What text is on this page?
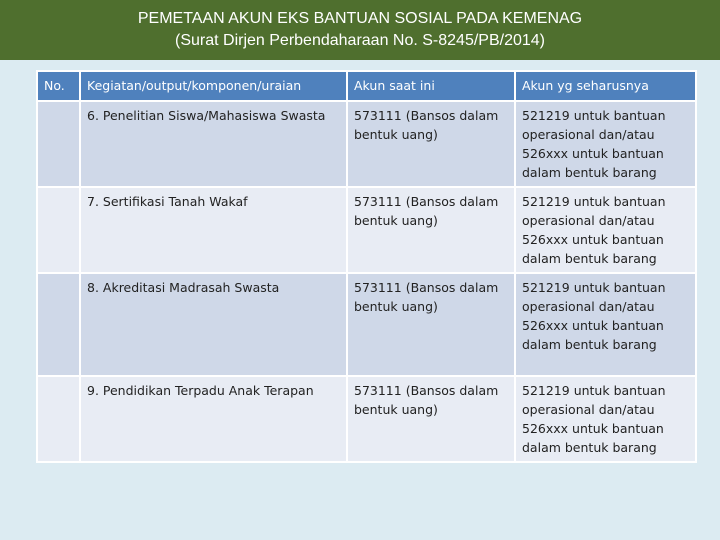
PEMETAAN AKUN EKS BANTUAN SOSIAL PADA KEMENAG
(Surat Dirjen Perbendaharaan No. S-8245/PB/2014)
No.	Kegiatan/output/komponen/uraian	Akun saat ini	Akun yg seharusnya
	6. Penelitian Siswa/Mahasiswa Swasta	573111 (Bansos dalam bentuk uang)	521219 untuk bantuan operasional dan/atau 526xxx untuk bantuan dalam bentuk barang
	7. Sertifikasi Tanah Wakaf	573111 (Bansos dalam bentuk uang)	521219 untuk bantuan operasional dan/atau 526xxx untuk bantuan dalam bentuk barang
	8. Akreditasi Madrasah Swasta	573111 (Bansos dalam bentuk uang)	521219 untuk bantuan operasional dan/atau 526xxx untuk bantuan dalam bentuk barang
	9. Pendidikan Terpadu Anak Terapan	573111 (Bansos dalam bentuk uang)	521219 untuk bantuan operasional dan/atau 526xxx untuk bantuan dalam bentuk barang
